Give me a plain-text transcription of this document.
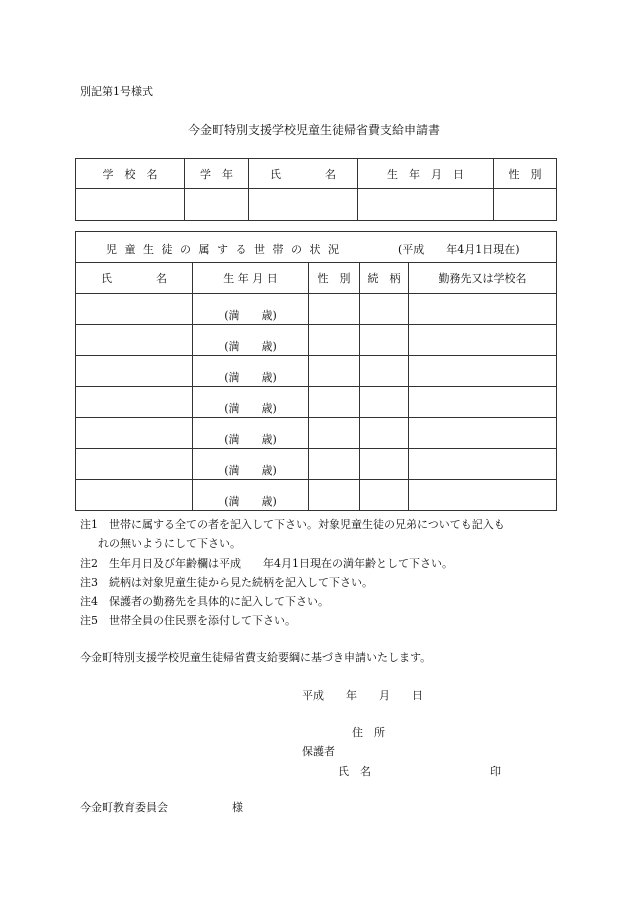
別記第1号様式
今金町特別支援学校児童生徒帰省費支給申請書
学　校　名	学　年	氏　　　　名	生　年　月　日	性　別

児 童 生 徒 の 属 す る 世 帯 の 状 況 (平成　　年4月1日現在)				

氏　　　　名	生 年 月 日	性　別	続　柄	勤務先又は学校名
	(満　　歳)			
	(満　　歳)			
	(満　　歳)			
	(満　　歳)			
	(満　　歳)			
	(満　　歳)			
	(満　　歳)			
注1　世帯に属する全ての者を記入して下さい。対象児童生徒の兄弟についても記入も
れの無いようにして下さい。
注2　生年月日及び年齢欄は平成　　年4月1日現在の満年齢として下さい。
注3　続柄は対象児童生徒から見た続柄を記入して下さい。
注4　保護者の勤務先を具体的に記入して下さい。
注5　世帯全員の住民票を添付して下さい。
今金町特別支援学校児童生徒帰省費支給要綱に基づき申請いたします。
平成　　年　　月　　日
住　所
保護者
氏　名	印
今金町教育委員会	様
